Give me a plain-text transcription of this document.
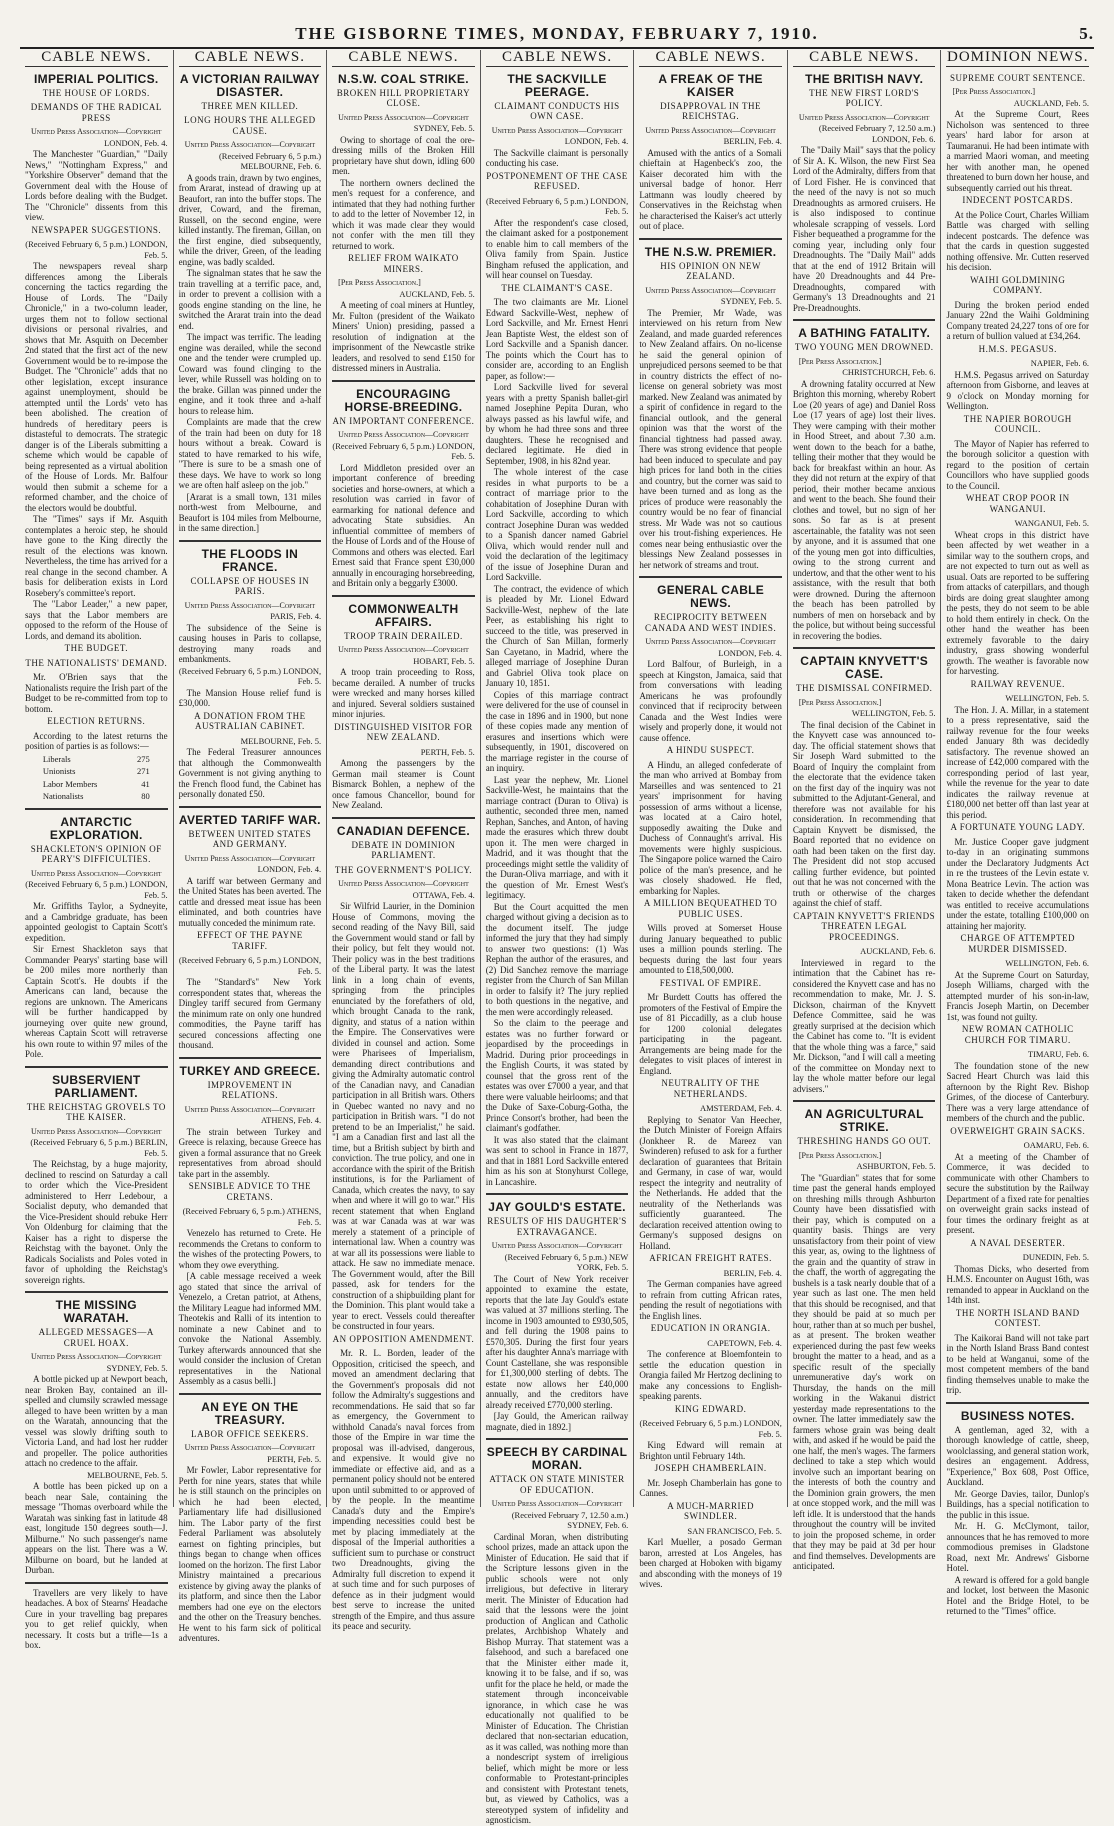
THE GISBORNE TIMES, MONDAY, FEBRUARY 7, 1910.	5.
CABLE NEWS.
IMPERIAL POLITICS.
THE HOUSE OF LORDS.
DEMANDS OF THE RADICAL PRESS
United Press Association—Copyright
LONDON, Feb. 4.

The Manchester "Guardian," "Daily News," "Nottingham Express," and "Yorkshire Observer" demand that the Government deal with the House of Lords before dealing with the Budget. The "Chronicle" dissents from this view.

NEWSPAPER SUGGESTIONS.
(Received February 6, 5 p.m.) LONDON, Feb. 5.

The newspapers reveal sharp differences among the Liberals concerning the tactics regarding the House of Lords. The "Daily Chronicle," in a two-column leader, urges them not to follow sectional divisions or personal rivalries, and shows that Mr. Asquith on December 2nd stated that the first act of the new Government would be to re-impose the Budget. The "Chronicle" adds that no other legislation, except insurance against unemployment, should be attempted until the Lords' veto has been abolished. The creation of hundreds of hereditary peers is distasteful to democrats. The strategic danger is of the Liberals submitting a scheme which would be capable of being represented as a virtual abolition of the House of Lords. Mr. Balfour would then submit a scheme for a reformed chamber, and the choice of the electors would be doubtful.

The "Times" says if Mr. Asquith contemplates a heroic step, he should have gone to the King directly the result of the elections was known. Nevertheless, the time has arrived for a real change in the second chamber. A basis for deliberation exists in Lord Rosebery's committee's report.

The "Labor Leader," a new paper, says that the Labor members are opposed to the reform of the House of Lords, and demand its abolition.

THE BUDGET.
THE NATIONALISTS' DEMAND.

Mr. O'Brien says that the Nationalists require the Irish part of the Budget to be re-committed from top to bottom.

ELECTION RETURNS.

According to the latest returns the position of parties is as follows:—

Liberals	275
Unionists	271
Labor Members	41
Nationalists	80
ANTARCTIC EXPLORATION.
SHACKLETON'S OPINION OF PEARY'S DIFFICULTIES.
United Press Association—Copyright
(Received February 6, 5 p.m.) LONDON, Feb. 5.

Mr. Griffiths Taylor, a Sydneyite, and a Cambridge graduate, has been appointed geologist to Captain Scott's expedition.

Sir Ernest Shackleton says that Commander Pearys' starting base will be 200 miles more northerly than Captain Scott's. He doubts if the Americans can land, because the regions are unknown. The Americans will be further handicapped by journeying over quite new ground, whereas Captain Scott will retraverse his own route to within 97 miles of the Pole.

SUBSERVIENT PARLIAMENT.
THE REICHSTAG GROVELS TO THE KAISER.
United Press Association—Copyright
(Received February 6, 5 p.m.) BERLIN, Feb. 5.

The Reichstag, by a huge majority, declined to rescind on Saturday a call to order which the Vice-President administered to Herr Ledebour, a Socialist deputy, who demanded that the Vice-President should rebuke Herr Von Oldenburg for claiming that the Kaiser has a right to disperse the Reichstag with the bayonet. Only the Radicals Socialists and Poles voted in favor of upholding the Reichstag's sovereign rights.

THE MISSING WARATAH.
ALLEGED MESSAGES—A CRUEL HOAX.
United Press Association—Copyright
SYDNEY, Feb. 5.

A bottle picked up at Newport beach, near Broken Bay, contained an ill-spelled and clumsily scrawled message alleged to have been written by a man on the Waratah, announcing that the vessel was slowly drifting south to Victoria Land, and had lost her rudder and propeller. The police authorities attach no credence to the affair.

MELBOURNE, Feb. 5.

A bottle has been picked up on a beach near Sale, containing the message "Thomas overboard while the Waratah was sinking fast in latitude 48 east, longitude 150 degrees south—J. Milburne." No such passenger's name appears on the list. There was a W. Milburne on board, but he landed at Durban.

Travellers are very likely to have headaches. A box of Stearns' Headache Cure in your travelling bag prepares you to get relief quickly, when necessary. It costs but a trifle—1s a box.

CABLE NEWS.
A VICTORIAN RAILWAY DISASTER.
THREE MEN KILLED.
LONG HOURS THE ALLEGED CAUSE.
United Press Association—Copyright
(Received February 6, 5 p.m.) MELBOURNE, Feb. 6.

A goods train, drawn by two engines, from Ararat, instead of drawing up at Beaufort, ran into the buffer stops. The driver, Coward, and the fireman, Russell, on the second engine, were killed instantly. The fireman, Gillan, on the first engine, died subsequently, while the driver, Green, of the leading engine, was badly scalded.

The signalman states that he saw the train travelling at a terrific pace, and, in order to prevent a collision with a goods engine standing on the line, he switched the Ararat train into the dead end.

The impact was terrific. The leading engine was derailed, while the second one and the tender were crumpled up. Coward was found clinging to the lever, while Russell was holding on to the brake. Gillan was pinned under the engine, and it took three and a-half hours to release him.

Complaints are made that the crew of the train had been on duty for 18 hours without a break. Coward is stated to have remarked to his wife, "There is sure to be a smash one of these days. We have to work so long we are often half asleep on the job."

[Ararat is a small town, 131 miles north-west from Melbourne, and Beaufort is 104 miles from Melbourne, in the same direction.]

THE FLOODS IN FRANCE.
COLLAPSE OF HOUSES IN PARIS.
United Press Association—Copyright
PARIS, Feb. 4.

The subsidence of the Seine is causing houses in Paris to collapse, destroying many roads and embankments.

(Received February 6, 5 p.m.) LONDON, Feb. 5.

The Mansion House relief fund is £30,000.

A DONATION FROM THE AUSTRALIAN CABINET.
MELBOURNE, Feb. 5.

The Federal Treasurer announces that although the Commonwealth Government is not giving anything to the French flood fund, the Cabinet has personally donated £50.

AVERTED TARIFF WAR.
BETWEEN UNITED STATES AND GERMANY.
United Press Association—Copyright
LONDON, Feb. 4.

A tariff war between Germany and the United States has been averted. The cattle and dressed meat issue has been eliminated, and both countries have mutually conceded the minimum rate.

EFFECT OF THE PAYNE TARIFF.
(Received February 6, 5 p.m.) LONDON, Feb. 5.

The "Standard's" New York correspondent states that, whereas the Dingley tariff secured from Germany the minimum rate on only one hundred commodities, the Payne tariff has secured concessions affecting one thousand.

TURKEY AND GREECE.
IMPROVEMENT IN RELATIONS.
United Press Association—Copyright
ATHENS, Feb. 4.

The strain between Turkey and Greece is relaxing, because Greece has given a formal assurance that no Greek representatives from abroad should take part in the assembly.

SENSIBLE ADVICE TO THE CRETANS.
(Received February 6, 5 p.m.) ATHENS, Feb. 5.

Venezelo has returned to Crete. He recommends the Cretans to conform to the wishes of the protecting Powers, to whom they owe everything.

[A cable message received a week ago stated that since the arrival of Venezelo, a Cretan patriot, at Athens, the Military League had informed MM. Theotekis and Ralli of its intention to nominate a new Cabinet and to convoke the National Assembly. Turkey afterwards announced that she would consider the inclusion of Cretan representatives in the National Assembly as a casus belli.]

AN EYE ON THE TREASURY.
LABOR OFFICE SEEKERS.
United Press Association—Copyright
PERTH, Feb. 5.

Mr Fowler, Labor representative for Perth for nine years, states that while he is still staunch on the principles on which he had been elected, Parliamentary life had disillusioned him. The Labor party of the first Federal Parliament was absolutely earnest on fighting principles, but things began to change when offices loomed on the horizon. The first Labor Ministry maintained a precarious existence by giving away the planks of its platform, and since then the Labor members had one eye on the electors and the other on the Treasury benches. He went to his farm sick of political adventures.

CABLE NEWS.
N.S.W. COAL STRIKE.
BROKEN HILL PROPRIETARY CLOSE.
United Press Association—Copyright
SYDNEY, Feb. 5.

Owing to shortage of coal the ore-dressing mills of the Broken Hill proprietary have shut down, idling 600 men.

The northern owners declined the men's request for a conference, and intimated that they had nothing further to add to the letter of November 12, in which it was made clear they would not confer with the men till they returned to work.

RELIEF FROM WAIKATO MINERS.
[Per Press Association.]
AUCKLAND, Feb. 5.

A meeting of coal miners at Huntley, Mr. Fulton (president of the Waikato Miners' Union) presiding, passed a resolution of indignation at the imprisonment of the Newcastle strike leaders, and resolved to send £150 for distressed miners in Australia.

ENCOURAGING HORSE-BREEDING.
AN IMPORTANT CONFERENCE.
United Press Association—Copyright
(Received February 6, 5 p.m.) LONDON, Feb. 5.

Lord Middleton presided over an important conference of breeding societies and horse-owners, at which a resolution was carried in favor of earmarking for national defence and advocating State subsidies. An influential committee of members of the House of Lords and of the House of Commons and others was elected. Earl Ernest said that France spent £30,000 annually in encouraging horsebreeding, and Britain only a beggarly £3000.

COMMONWEALTH AFFAIRS.
TROOP TRAIN DERAILED.
United Press Association—Copyright
HOBART, Feb. 5.

A troop train proceeding to Ross, became derailed. A number of trucks were wrecked and many horses killed and injured. Several soldiers sustained minor injuries.

DISTINGUISHED VISITOR FOR NEW ZEALAND.
PERTH, Feb. 5.

Among the passengers by the German mail steamer is Count Bismarck Bohlen, a nephew of the once famous Chancellor, bound for New Zealand.

CANADIAN DEFENCE.
DEBATE IN DOMINION PARLIAMENT.
THE GOVERNMENT'S POLICY.
United Press Association—Copyright
OTTAWA, Feb. 4.

Sir Wilfrid Laurier, in the Dominion House of Commons, moving the second reading of the Navy Bill, said the Government would stand or fall by their policy, but felt they would not. Their policy was in the best traditions of the Liberal party. It was the latest link in a long chain of events, springing from the principles enunciated by the forefathers of old, which brought Canada to the rank, dignity, and status of a nation within the Empire. The Conservatives were divided in counsel and action. Some were Pharisees of Imperialism, demanding direct contributions and giving the Admiralty automatic control of the Canadian navy, and Canadian participation in all British wars. Others in Quebec wanted no navy and no participation in British wars. "I do not pretend to be an Imperialist," he said. "I am a Canadian first and last all the time, but a British subject by birth and conviction. The true policy, and one in accordance with the spirit of the British institutions, is for the Parliament of Canada, which creates the navy, to say when and where it will go to war." His recent statement that when England was at war Canada was at war was merely a statement of a principle of international law. When a country was at war all its possessions were liable to attack. He saw no immediate menace. The Government would, after the Bill passed, ask for tenders for the construction of a shipbuilding plant for the Dominion. This plant would take a year to erect. Vessels could thereafter be constructed in four years.

AN OPPOSITION AMENDMENT.

Mr. R. L. Borden, leader of the Opposition, criticised the speech, and moved an amendment declaring that the Government's proposals did not follow the Admiralty's suggestions and recommendations. He said that so far as emergency, the Government to withhold Canada's naval forces from those of the Empire in war time the proposal was ill-advised, dangerous, and expensive. It would give no immediate or effective aid, and as a permanent policy should not be entered upon until submitted to or approved of by the people. In the meantime Canada's duty and the Empire's impending necessities could best be met by placing immediately at the disposal of the Imperial authorities a sufficient sum to purchase or construct two Dreadnoughts, giving the Admiralty full discretion to expend it at such time and for such purposes of defence as in their judgment would best serve to increase the united strength of the Empire, and thus assure its peace and security.

CABLE NEWS.
THE SACKVILLE PEERAGE.
CLAIMANT CONDUCTS HIS OWN CASE.
United Press Association—Copyright
LONDON, Feb. 4.

The Sackville claimant is personally conducting his case.

POSTPONEMENT OF THE CASE REFUSED.
(Received February 6, 5 p.m.) LONDON, Feb. 5.

After the respondent's case closed, the claimant asked for a postponement to enable him to call members of the Oliva family from Spain. Justice Bingham refused the application, and will hear counsel on Tuesday.

THE CLAIMANT'S CASE.

The two claimants are Mr. Lionel Edward Sackville-West, nephew of Lord Sackville, and Mr. Ernest Henri Jean Baptiste West, the eldest son of Lord Sackville and a Spanish dancer. The points which the Court has to consider are, according to an English paper, as follow:—

Lord Sackville lived for several years with a pretty Spanish ballet-girl named Josephine Pepita Duran, who always passed as his lawful wife, and by whom he had three sons and three daughters. These he recognised and declared legitimate. He died in September, 1908, in his 82nd year.

The whole interest of the case resides in what purports to be a contract of marriage prior to the cohabitation of Josephine Duran with Lord Sackville, according to which contract Josephine Duran was wedded to a Spanish dancer named Gabriel Oliva, which would render null and void the declaration of the legitimacy of the issue of Josephine Duran and Lord Sackville.

The contract, the evidence of which is pleaded by Mr. Lionel Edward Sackville-West, nephew of the late Peer, as establishing his right to succeed to the title, was preserved in the Church of San Millan, formerly San Cayetano, in Madrid, where the alleged marriage of Josephine Duran and Gabriel Oliva took place on January 10, 1851.

Copies of this marriage contract were delivered for the use of counsel in the case in 1896 and in 1900, but none of these copies made any mention of erasures and insertions which were subsequently, in 1901, discovered on the marriage register in the course of an inquiry.

Last year the nephew, Mr. Lionel Sackville-West, he maintains that the marriage contract (Duran to Oliva) is authentic, seconded three men, named Rephan, Sanches, and Anton, of having made the erasures which threw doubt upon it. The men were charged in Madrid, and it was thought that the proceedings might settle the validity of the Duran-Oliva marriage, and with it the question of Mr. Ernest West's legitimacy.

But the Court acquitted the men charged without giving a decision as to the document itself. The judge informed the jury that they had simply to answer two questions: (1) Was Rephan the author of the erasures, and (2) Did Sanchez remove the marriage register from the Church of San Millan in order to falsify it? The jury replied to both questions in the negative, and the men were accordingly released.

So the claim to the peerage and estates was no further forward or jeopardised by the proceedings in Madrid. During prior proceedings in the English Courts, it was stated by counsel that the gross rent of the estates was over £7000 a year, and that there were valuable heirlooms; and that the Duke of Saxe-Coburg-Gotha, the Prince Consort's brother, had been the claimant's godfather.

It was also stated that the claimant was sent to school in France in 1877, and that in 1881 Lord Sackville entered him as his son at Stonyhurst College, in Lancashire.

JAY GOULD'S ESTATE.
RESULTS OF HIS DAUGHTER'S EXTRAVAGANCE.
United Press Association—Copyright
(Received February 6, 5 p.m.) NEW YORK, Feb. 5.

The Court of New York receiver appointed to examine the estate, reports that the late Jay Gould's estate was valued at 37 millions sterling. The income in 1903 amounted to £930,505, and fell during the 1908 pains to £570,305. During the first four years after his daughter Anna's marriage with Count Castellane, she was responsible for £1,300,000 sterling of debts. The estate now allows her £40,000 annually, and the creditors have already received £770,000 sterling.

[Jay Gould, the American railway magnate, died in 1892.]

SPEECH BY CARDINAL MORAN.
ATTACK ON STATE MINISTER OF EDUCATION.
United Press Association—Copyright
(Received February 7, 12.50 a.m.) SYDNEY, Feb. 6.

Cardinal Moran, when distributing school prizes, made an attack upon the Minister of Education. He said that if the Scripture lessons given in the public schools were not only irreligious, but defective in literary merit. The Minister of Education had said that the lessons were the joint production of Anglican and Catholic prelates, Archbishop Whately and Bishop Murray. That statement was a falsehood, and such a barefaced one that the Minister either made it, knowing it to be false, and if so, was unfit for the place he held, or made the statement through inconceivable ignorance, in which case he was educationally not qualified to be Minister of Education. The Christian declared that non-sectarian education, as it was called, was nothing more than a nondescript system of irreligious belief, which might be more or less conformable to Protestant-principles and consistent with Protestant tenets, but, as viewed by Catholics, was a stereotyped system of infidelity and agnosticism.

CABLE NEWS.
A FREAK OF THE KAISER
DISAPPROVAL IN THE REICHSTAG.
United Press Association—Copyright
BERLIN, Feb. 4.

Amused with the antics of a Somali chieftain at Hagenbeck's zoo, the Kaiser decorated him with the universal badge of honor. Herr Lattmann was loudly cheered by Conservatives in the Reichstag when he characterised the Kaiser's act utterly out of place.

THE N.S.W. PREMIER.
HIS OPINION ON NEW ZEALAND.
United Press Association—Copyright
SYDNEY, Feb. 5.

The Premier, Mr Wade, was interviewed on his return from New Zealand, and made guarded references to New Zealand affairs. On no-license he said the general opinion of unprejudiced persons seemed to be that in country districts the effect of no-license on general sobriety was most marked. New Zealand was animated by a spirit of confidence in regard to the financial outlook, and the general opinion was that the worst of the financial tightness had passed away. There was strong evidence that people had been induced to speculate and pay high prices for land both in the cities and country, but the corner was said to have been turned and as long as the prices of produce were reasonably the country would be no fear of financial stress. Mr Wade was not so cautious over his trout-fishing experiences. He comes near being enthusiastic over the blessings New Zealand possesses in her network of streams and trout.

GENERAL CABLE NEWS.
RECIPROCITY BETWEEN CANADA AND WEST INDIES.
United Press Association—Copyright
LONDON, Feb. 4.

Lord Balfour, of Burleigh, in a speech at Kingston, Jamaica, said that from conversations with leading Americans he was profoundly convinced that if reciprocity between Canada and the West Indies were wisely and properly done, it would not cause offence.

A HINDU SUSPECT.

A Hindu, an alleged confederate of the man who arrived at Bombay from Marseilles and was sentenced to 21 years' imprisonment for having possession of arms without a license, was located at a Cairo hotel, supposedly awaiting the Duke and Duchess of Connaught's arrival. His movements were highly suspicious. The Singapore police warned the Cairo police of the man's presence, and he was closely shadowed. He fled, embarking for Naples.

A MILLION BEQUEATHED TO PUBLIC USES.

Wills proved at Somerset House during January bequeathed to public uses a million pounds sterling. The bequests during the last four years amounted to £18,500,000.

FESTIVAL OF EMPIRE.

Mr Burdett Coutts has offered the promoters of the Festival of Empire the use of 81 Piccadilly, as a club house for 1200 colonial delegates participating in the pageant. Arrangements are being made for the delegates to visit places of interest in England.

NEUTRALITY OF THE NETHERLANDS.
AMSTERDAM, Feb. 4.

Replying to Senator Van Heecher, the Dutch Minister of Foreign Affairs (Jonkheer R. de Mareez van Swinderen) refused to ask for a further declaration of guarantees that Britain and Germany, in case of war, would respect the integrity and neutrality of the Netherlands. He added that the neutrality of the Netherlands was sufficiently guaranteed. The declaration received attention owing to Germany's supposed designs on Holland.

AFRICAN FREIGHT RATES.
BERLIN, Feb. 4.

The German companies have agreed to refrain from cutting African rates, pending the result of negotiations with the English lines.

EDUCATION IN ORANGIA.
CAPETOWN, Feb. 4.

The conference at Bloemfontein to settle the education question in Orangia failed Mr Hertzog declining to make any concessions to English-speaking parents.

KING EDWARD.
(Received February 6, 5 p.m.) LONDON, Feb. 5.

King Edward will remain at Brighton until February 14th.

JOSEPH CHAMBERLAIN.

Mr. Joseph Chamberlain has gone to Cannes.

A MUCH-MARRIED SWINDLER.
SAN FRANCISCO, Feb. 5.

Karl Mueller, a posado German baron, arrested at Los Angeles, has been charged at Hoboken with bigamy and absconding with the moneys of 19 wives.

CABLE NEWS.
THE BRITISH NAVY.
THE NEW FIRST LORD'S POLICY.
United Press Association—Copyright
(Received February 7, 12.50 a.m.) LONDON, Feb. 6.

The "Daily Mail" says that the policy of Sir A. K. Wilson, the new First Sea Lord of the Admiralty, differs from that of Lord Fisher. He is convinced that the need of the navy is not so much Dreadnoughts as armored cruisers. He is also indisposed to continue wholesale scrapping of vessels. Lord Fisher bequeathed a programme for the coming year, including only four Dreadnoughts. The "Daily Mail" adds that at the end of 1912 Britain will have 20 Dreadnoughts and 44 Pre-Dreadnoughts, compared with Germany's 13 Dreadnoughts and 21 Pre-Dreadnoughts.

A BATHING FATALITY.
TWO YOUNG MEN DROWNED.
[Per Press Association.]
CHRISTCHURCH, Feb. 6.

A drowning fatality occurred at New Brighton this morning, whereby Robert Loe (20 years of age) and Daniel Ross Loe (17 years of age) lost their lives. They were camping with their mother in Hood Street, and about 7.30 a.m. went down to the beach for a bathe, telling their mother that they would be back for breakfast within an hour. As they did not return at the expiry of that period, their mother became anxious and went to the beach. She found their clothes and towel, but no sign of her sons. So far as is at present ascertainable, the fatality was not seen by anyone, and it is assumed that one of the young men got into difficulties, owing to the strong current and undertow, and that the other went to his assistance, with the result that both were drowned. During the afternoon the beach has been patrolled by numbers of men on horseback and by the police, but without being successful in recovering the bodies.

CAPTAIN KNYVETT'S CASE.
THE DISMISSAL CONFIRMED.
[Per Press Association.]
WELLINGTON, Feb. 5.

The final decision of the Cabinet in the Knyvett case was announced to-day. The official statement shows that Sir Joseph Ward submitted to the Board of Inquiry the complaint from the electorate that the evidence taken on the first day of the inquiry was not submitted to the Adjutant-General, and therefore was not available for his consideration. In recommending that Captain Knyvett be dismissed, the Board reported that no evidence on oath had been taken on the first day. The President did not stop accused calling further evidence, but pointed out that he was not concerned with the truth or otherwise of the charges against the chief of staff.

CAPTAIN KNYVETT'S FRIENDS THREATEN LEGAL PROCEEDINGS.
AUCKLAND, Feb. 6.

Interviewed in regard to the intimation that the Cabinet has re-considered the Knyvett case and has no recommendation to make, Mr. J. S. Dickson, chairman of the Knyvett Defence Committee, said he was greatly surprised at the decision which the Cabinet has come to. "It is evident that the whole thing was a farce," said Mr. Dickson, "and I will call a meeting of the committee on Monday next to lay the whole matter before our legal advisers."

AN AGRICULTURAL STRIKE.
THRESHING HANDS GO OUT.
[Per Press Association.]
ASHBURTON, Feb. 5.

The "Guardian" states that for some time past the general hands employed on threshing mills through Ashburton County have been dissatisfied with their pay, which is computed on a quantity basis. Things are very unsatisfactory from their point of view this year, as, owing to the lightness of the grain and the quantity of straw in the chaff, the worth of aggregating the bushels is a task nearly double that of a year such as last one. The men held that this should be recognised, and that they should be paid at so much per hour, rather than at so much per bushel, as at present. The broken weather experienced during the past few weeks brought the matter to a head, and as a specific result of the specially unremunerative day's work on Thursday, the hands on the mill working in the Wakanui district yesterday made representations to the owner. The latter immediately saw the farmers whose grain was being dealt with, and asked if he would be paid the one half, the men's wages. The farmers declined to take a step which would involve such an important bearing on the interests of both the country and the Dominion grain growers, the men at once stopped work, and the mill was left idle. It is understood that the hands throughout the country will be invited to join the proposed scheme, in order that they may be paid at 3d per hour and find themselves. Developments are anticipated.

DOMINION NEWS.
SUPREME COURT SENTENCE.
[Per Press Association.]
AUCKLAND, Feb. 5.

At the Supreme Court, Rees Nicholson was sentenced to three years' hard labor for arson at Taumaranui. He had been intimate with a married Maori woman, and meeting her with another man, he opened threatened to burn down her house, and subsequently carried out his threat.

INDECENT POSTCARDS.

At the Police Court, Charles William Battle was charged with selling indecent postcards. The defence was that the cards in question suggested nothing offensive. Mr. Cutten reserved his decision.

WAIHI GOLDMINING COMPANY.

During the broken period ended January 22nd the Waihi Goldmining Company treated 24,227 tons of ore for a return of bullion valued at £34,264.

H.M.S. PEGASUS.
NAPIER, Feb. 6.

H.M.S. Pegasus arrived on Saturday afternoon from Gisborne, and leaves at 9 o'clock on Monday morning for Wellington.

THE NAPIER BOROUGH COUNCIL.

The Mayor of Napier has referred to the borough solicitor a question with regard to the position of certain Councillors who have supplied goods to the Council.

WHEAT CROP POOR IN WANGANUI.
WANGANUI, Feb. 5.

Wheat crops in this district have been affected by wet weather in a similar way to the southern crops, and are not expected to turn out as well as usual. Oats are reported to be suffering from attacks of caterpillars, and though birds are doing great slaughter among the pests, they do not seem to be able to hold them entirely in check. On the other hand the weather has been extremely favorable to the dairy industry, grass showing wonderful growth. The weather is favorable now for harvesting.

RAILWAY REVENUE.
WELLINGTON, Feb. 5.

The Hon. J. A. Millar, in a statement to a press representative, said the railway revenue for the four weeks ended January 8th was decidedly satisfactory. The revenue showed an increase of £42,000 compared with the corresponding period of last year, while the revenue for the year to date indicates the railway revenue at £180,000 net better off than last year at this period.

A FORTUNATE YOUNG LADY.

Mr. Justice Cooper gave judgment to-day in an originating summons under the Declaratory Judgments Act in re the trustees of the Levin estate v. Mona Beatrice Levin. The action was taken to decide whether the defendant was entitled to receive accumulations under the estate, totalling £100,000 on attaining her majority.

CHARGE OF ATTEMPTED MURDER DISMISSED.
WELLINGTON, Feb. 6.

At the Supreme Court on Saturday, Joseph Williams, charged with the attempted murder of his son-in-law, Francis Joseph Martin, on December 1st, was found not guilty.

NEW ROMAN CATHOLIC CHURCH FOR TIMARU.
TIMARU, Feb. 6.

The foundation stone of the new Sacred Heart Church was laid this afternoon by the Right Rev. Bishop Grimes, of the diocese of Canterbury. There was a very large attendance of members of the church and the public.

OVERWEIGHT GRAIN SACKS.
OAMARU, Feb. 6.

At a meeting of the Chamber of Commerce, it was decided to communicate with other Chambers to secure the substitution by the Railway Department of a fixed rate for penalties on overweight grain sacks instead of four times the ordinary freight as at present.

A NAVAL DESERTER.
DUNEDIN, Feb. 5.

Thomas Dicks, who deserted from H.M.S. Encounter on August 16th, was remanded to appear in Auckland on the 14th inst.

THE NORTH ISLAND BAND CONTEST.

The Kaikorai Band will not take part in the North Island Brass Band contest to be held at Wanganui, some of the most competent members of the band finding themselves unable to make the trip.

BUSINESS NOTES.

A gentleman, aged 32, with a thorough knowledge of cattle, sheep, woolclassing, and general station work, desires an engagement. Address, "Experience," Box 608, Post Office, Auckland.

Mr. George Davies, tailor, Dunlop's Buildings, has a special notification to the public in this issue.

Mr. H. G. McClymont, tailor, announces that he has removed to more commodious premises in Gladstone Road, next Mr. Andrews' Gisborne Hotel.

A reward is offered for a gold bangle and locket, lost between the Masonic Hotel and the Bridge Hotel, to be returned to the "Times" office.
